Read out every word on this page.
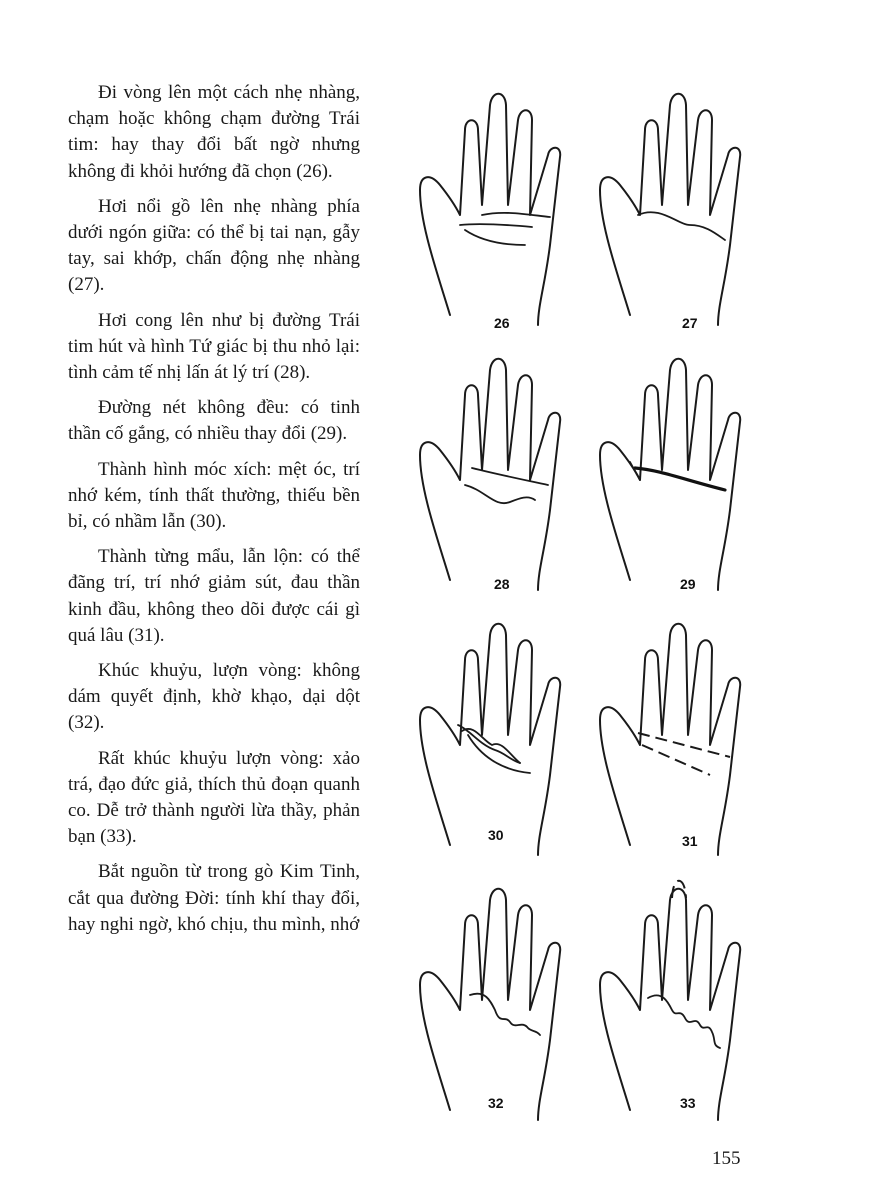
Đi vòng lên một cách nhẹ nhàng, chạm hoặc không chạm đường Trái tim: hay thay đổi bất ngờ nhưng không đi khỏi hướng đã chọn (26).

Hơi nổi gồ lên nhẹ nhàng phía dưới ngón giữa: có thể bị tai nạn, gẫy tay, sai khớp, chấn động nhẹ nhàng (27).

Hơi cong lên như bị đường Trái tim hút và hình Tứ giác bị thu nhỏ lại: tình cảm tế nhị lấn át lý trí (28).

Đường nét không đều: có tinh thần cố gắng, có nhiều thay đổi (29).

Thành hình móc xích: mệt óc, trí nhớ kém, tính thất thường, thiếu bền bỉ, có nhầm lẫn (30).

Thành từng mẩu, lẫn lộn: có thể đãng trí, trí nhớ giảm sút, đau thần kinh đầu, không theo dõi được cái gì quá lâu (31).

Khúc khuỷu, lượn vòng: không dám quyết định, khờ khạo, dại dột (32).

Rất khúc khuỷu lượn vòng: xảo trá, đạo đức giả, thích thủ đoạn quanh co. Dễ trở thành người lừa thầy, phản bạn (33).

Bắt nguồn từ trong gò Kim Tinh, cắt qua đường Đời: tính khí thay đổi, hay nghi ngờ, khó chịu, thu mình, nhớ

26	27
28	29
30	31
32	33
155
